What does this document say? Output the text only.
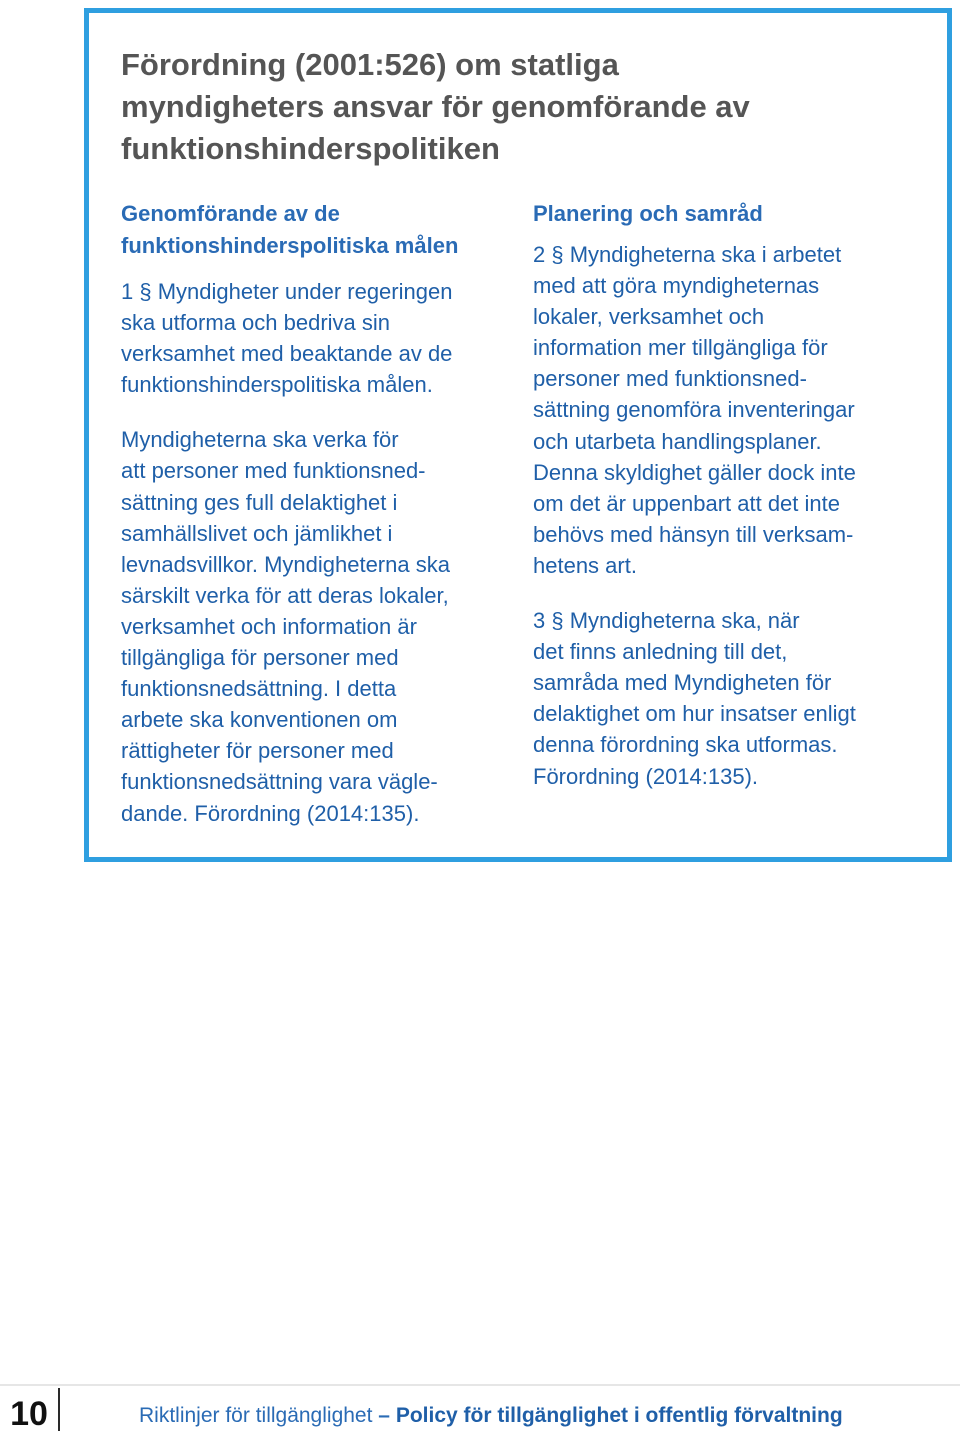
Förordning (2001:526) om statliga
myndigheters ansvar för genomförande av
funktionshinderspolitiken
Genomförande av de
funktionshinderspolitiska målen

1 § Myndigheter under regeringen
ska utforma och bedriva sin
verksamhet med beaktande av de
funktionshinderspolitiska målen.

Myndigheterna ska verka för
att personer med funktionsned-
sättning ges full delaktighet i
samhällslivet och jämlikhet i
levnadsvillkor. Myndigheterna ska
särskilt verka för att deras lokaler,
verksamhet och information är
tillgängliga för personer med
funktionsnedsättning. I detta
arbete ska konventionen om
rättigheter för personer med
funktionsnedsättning vara vägle-
dande. Förordning (2014:135).

Planering och samråd

2 § Myndigheterna ska i arbetet
med att göra myndigheternas
lokaler, verksamhet och
information mer tillgängliga för
personer med funktionsned-
sättning genomföra inventeringar
och utarbeta handlingsplaner.
Denna skyldighet gäller dock inte
om det är uppenbart att det inte
behövs med hänsyn till verksam-
hetens art.

3 § Myndigheterna ska, när
det finns anledning till det,
samråda med Myndigheten för
delaktighet om hur insatser enligt
denna förordning ska utformas.
Förordning (2014:135).

10	Riktlinjer för tillgänglighet – Policy för tillgänglighet i offentlig förvaltning
